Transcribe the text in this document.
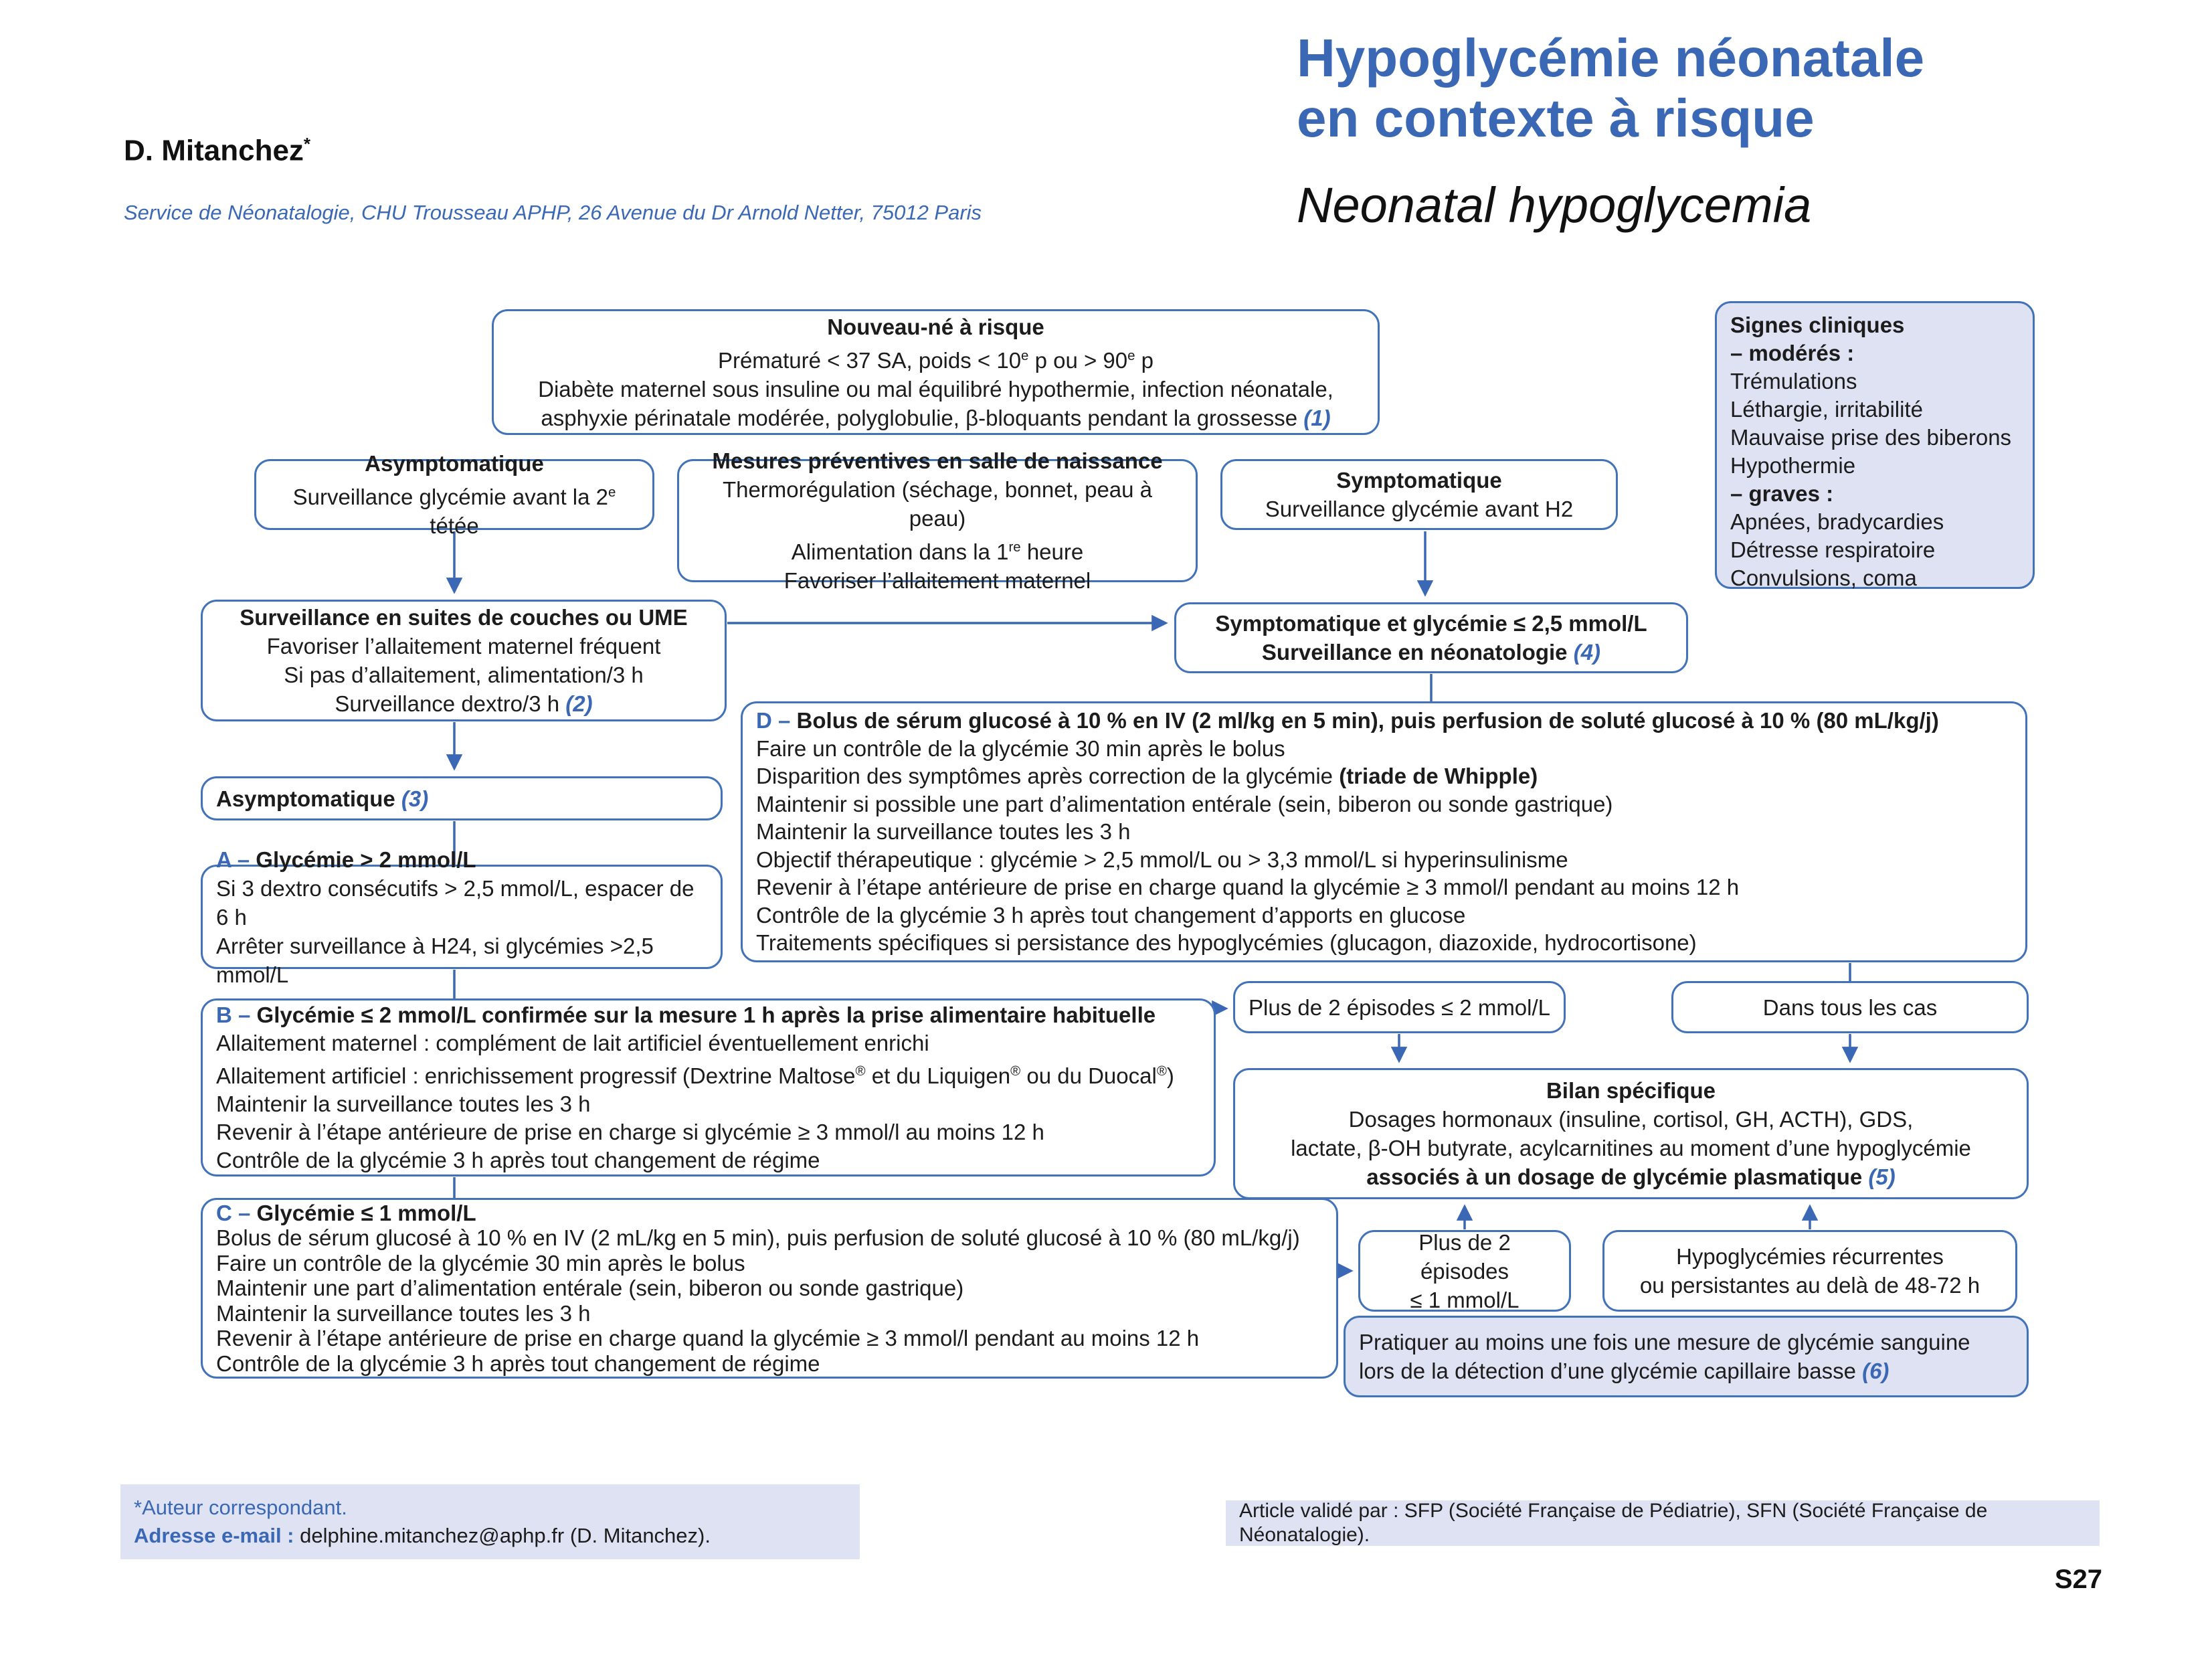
D. Mitanchez*
Service de Néonatalogie, CHU Trousseau APHP, 26 Avenue du Dr Arnold Netter, 75012 Paris
Hypoglycémie néonatale
en contexte à risque
Neonatal hypoglycemia
Nouveau-né à risque
Prématuré < 37 SA, poids < $10^e$ p ou > $90^e$ p
Diabète maternel sous insuline ou mal équilibré hypothermie, infection néonatale,
asphyxie périnatale modérée, polyglobulie, β-bloquants pendant la grossesse (1)
Signes cliniques
– modérés :
Trémulations
Léthargie, irritabilité
Mauvaise prise des biberons
Hypothermie
– graves :
Apnées, bradycardies
Détresse respiratoire
Convulsions, coma
Asymptomatique
Surveillance glycémie avant la 2e tétée
Mesures préventives en salle de naissance
Thermorégulation (séchage, bonnet, peau à peau)
Alimentation dans la 1re heure
Favoriser l’allaitement maternel
Symptomatique
Surveillance glycémie avant H2
Surveillance en suites de couches ou UME
Favoriser l’allaitement maternel fréquent
Si pas d’allaitement, alimentation/3 h
Surveillance dextro/3 h (2)
Symptomatique et glycémie ≤ 2,5 mmol/L
Surveillance en néonatologie (4)
D – Bolus de sérum glucosé à 10 % en IV (2 ml/kg en 5 min), puis perfusion de soluté glucosé à 10 % (80 mL/kg/j)
Faire un contrôle de la glycémie 30 min après le bolus
Disparition des symptômes après correction de la glycémie (triade de Whipple)
Maintenir si possible une part d’alimentation entérale (sein, biberon ou sonde gastrique)
Maintenir la surveillance toutes les 3 h
Objectif thérapeutique : glycémie > 2,5 mmol/L ou > 3,3 mmol/L si hyperinsulinisme
Revenir à l’étape antérieure de prise en charge quand la glycémie ≥ 3 mmol/l pendant au moins 12 h
Contrôle de la glycémie 3 h après tout changement d’apports en glucose
Traitements spécifiques si persistance des hypoglycémies (glucagon, diazoxide, hydrocortisone)
Asymptomatique (3)
A – Glycémie > 2 mmol/L
Si 3 dextro consécutifs > 2,5 mmol/L, espacer de 6 h
Arrêter surveillance à H24, si glycémies >2,5 mmol/L
B – Glycémie ≤ 2 mmol/L confirmée sur la mesure 1 h après la prise alimentaire habituelle
Allaitement maternel : complément de lait artificiel éventuellement enrichi
Allaitement artificiel : enrichissement progressif (Dextrine Maltose® et du Liquigen® ou du Duocal®)
Maintenir la surveillance toutes les 3 h
Revenir à l’étape antérieure de prise en charge si glycémie ≥ 3 mmol/l au moins 12 h
Contrôle de la glycémie 3 h après tout changement de régime
Plus de 2 épisodes ≤ 2 mmol/L	Dans tous les cas
Bilan spécifique
Dosages hormonaux (insuline, cortisol, GH, ACTH), GDS,
lactate, β-OH butyrate, acylcarnitines au moment d’une hypoglycémie
associés à un dosage de glycémie plasmatique (5)
C – Glycémie ≤ 1 mmol/L
Bolus de sérum glucosé à 10 % en IV (2 mL/kg en 5 min), puis perfusion de soluté glucosé à 10 % (80 mL/kg/j)
Faire un contrôle de la glycémie 30 min après le bolus
Maintenir une part d’alimentation entérale (sein, biberon ou sonde gastrique)
Maintenir la surveillance toutes les 3 h
Revenir à l’étape antérieure de prise en charge quand la glycémie ≥ 3 mmol/l pendant au moins 12 h
Contrôle de la glycémie 3 h après tout changement de régime
Plus de 2 épisodes
≤ 1 mmol/L
Hypoglycémies récurrentes
ou persistantes au delà de 48-72 h
Pratiquer au moins une fois une mesure de glycémie sanguine
lors de la détection d’une glycémie capillaire basse (6)
*Auteur correspondant.
Adresse e-mail : delphine.mitanchez@aphp.fr (D. Mitanchez).
Article validé par : SFP (Société Française de Pédiatrie), SFN (Société Française de Néonatalogie).
S27
